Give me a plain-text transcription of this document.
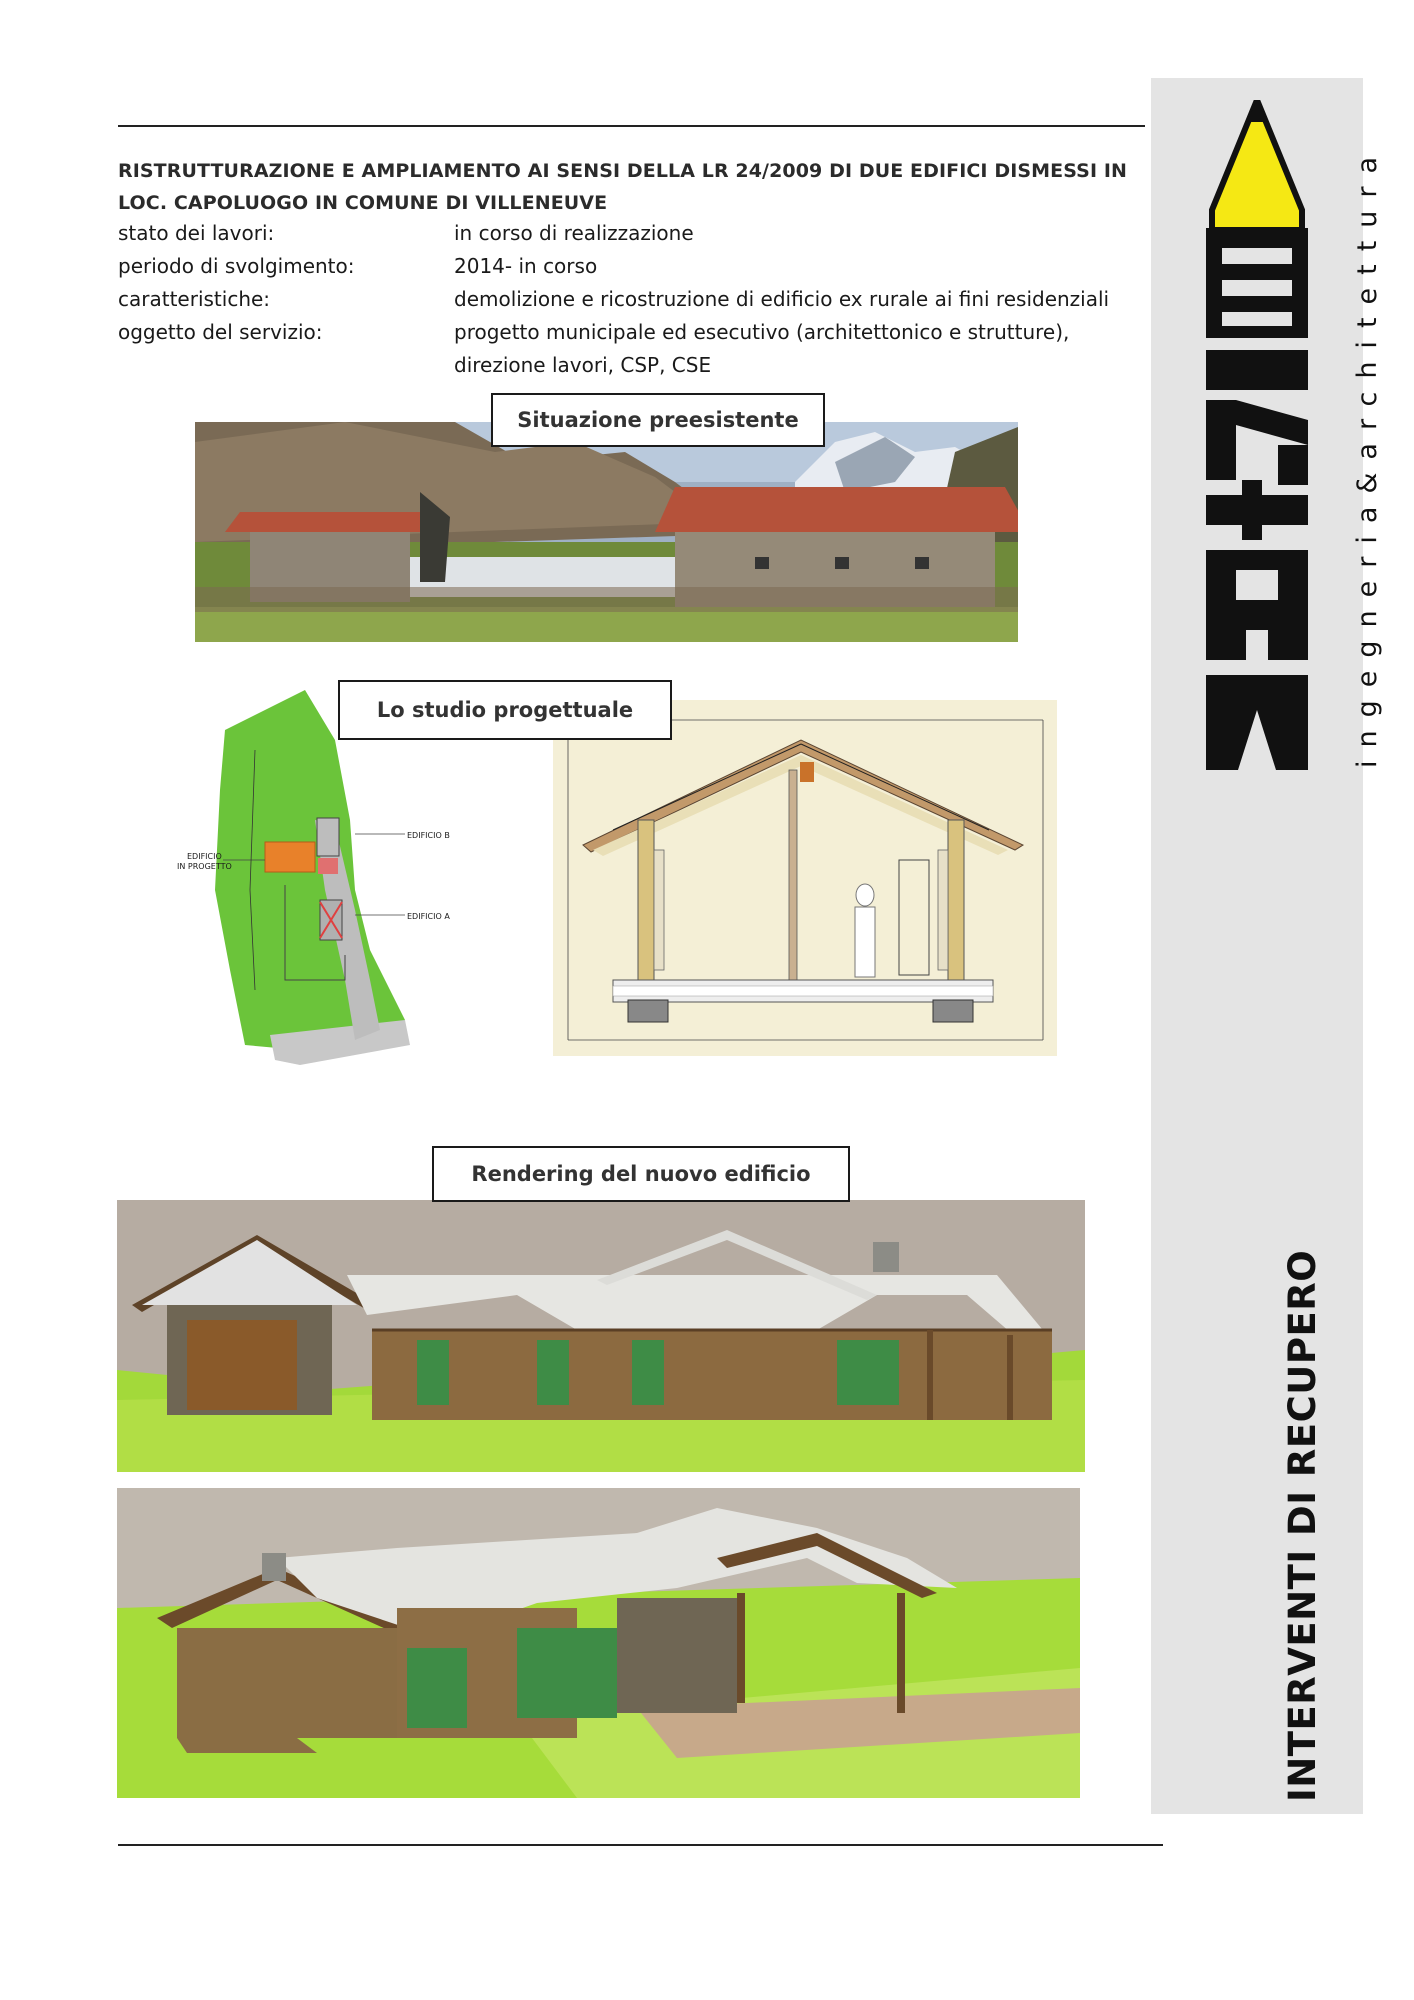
RISTRUTTURAZIONE E AMPLIAMENTO AI SENSI DELLA LR 24/2009 DI DUE EDIFICI DISMESSI IN LOC. CAPOLUOGO IN COMUNE DI VILLENEUVE
stato dei lavori:	in corso di realizzazione
periodo di svolgimento:	2014- in corso
caratteristiche:	demolizione e ricostruzione di edificio ex rurale ai fini residenziali
oggetto del servizio:	progetto municipale ed esecutivo (architettonico e strutture),
direzione lavori, CSP, CSE
Situazione preesistente
Lo studio progettuale
EDIFICIO B
EDIFICIO A
EDIFICIO
IN PROGETTO
Rendering del nuovo edificio
ingegneria&architettura
INTERVENTI DI RECUPERO
